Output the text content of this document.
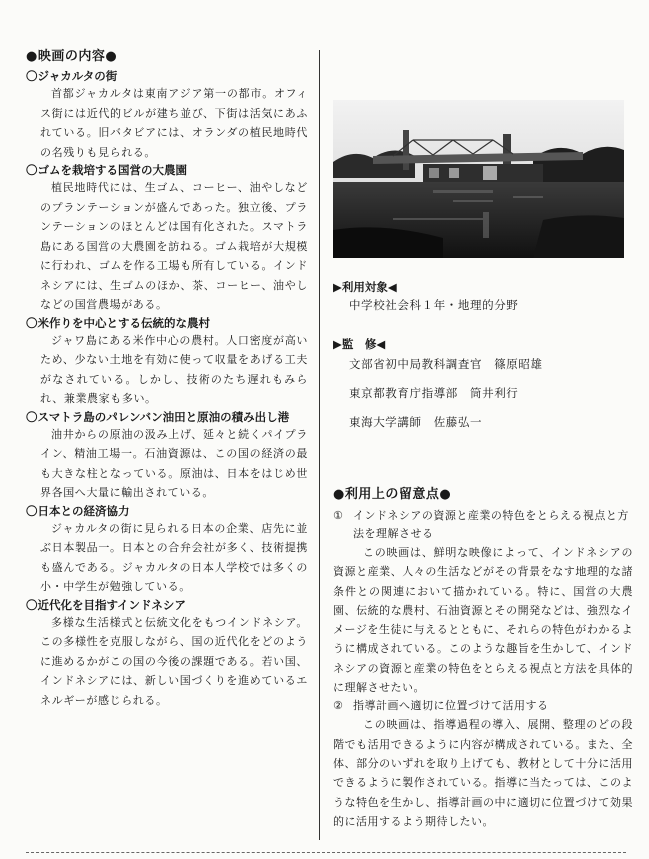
●映画の内容●
〇ジャカルタの街

首都ジャカルタは東南アジア第一の都市。オフィス街には近代的ビルが建ち並び、下街は活気にあふれている。旧バタビアには、オランダの植民地時代の名残りも見られる。

〇ゴムを栽培する国営の大農園

植民地時代には、生ゴム、コーヒー、油やしなどのプランテーションが盛んであった。独立後、プランテーションのほとんどは国有化された。スマトラ島にある国営の大農園を訪ねる。ゴム栽培が大規模に行われ、ゴムを作る工場も所有している。インドネシアには、生ゴムのほか、茶、コーヒー、油やしなどの国営農場がある。

〇米作りを中心とする伝統的な農村

ジャワ島にある米作中心の農村。人口密度が高いため、少ない土地を有効に使って収量をあげる工夫がなされている。しかし、技術のたち遅れもみられ、兼業農家も多い。

〇スマトラ島のパレンバン油田と原油の積み出し港

油井からの原油の汲み上げ、延々と続くパイプライン、精油工場一。石油資源は、この国の経済の最も大きな柱となっている。原油は、日本をはじめ世界各国へ大量に輸出されている。

〇日本との経済協力

ジャカルタの街に見られる日本の企業、店先に並ぶ日本製品一。日本との合弁会社が多く、技術提携も盛んである。ジャカルタの日本人学校では多くの小・中学生が勉強している。

〇近代化を目指すインドネシア

多様な生活様式と伝統文化をもつインドネシア。この多様性を克服しながら、国の近代化をどのように進めるかがこの国の今後の課題である。若い国、インドネシアには、新しい国づくりを進めているエネルギーが感じられる。

▶利用対象◀
中学校社会科１年・地理的分野
▶監　修◀
文部省初中局教科調査官　篠原昭雄
東京都教育庁指導部　筒井利行
東海大学講師　佐藤弘一
●利用上の留意点●
① インドネシアの資源と産業の特色をとらえる視点と方法を理解させる

この映画は、鮮明な映像によって、インドネシアの資源と産業、人々の生活などがその背景をなす地理的な諸条件との関連において描かれている。特に、国営の大農園、伝統的な農村、石油資源とその開発などは、強烈なイメージを生徒に与えるとともに、それらの特色がわかるように構成されている。このような趣旨を生かして、インドネシアの資源と産業の特色をとらえる視点と方法を具体的に理解させたい。

② 指導計画へ適切に位置づけて活用する

この映画は、指導過程の導入、展開、整理のどの段階でも活用できるように内容が構成されている。また、全体、部分のいずれを取り上げても、教材として十分に活用できるように製作されている。指導に当たっては、このような特色を生かし、指導計画の中に適切に位置づけて効果的に活用するよう期待したい。
